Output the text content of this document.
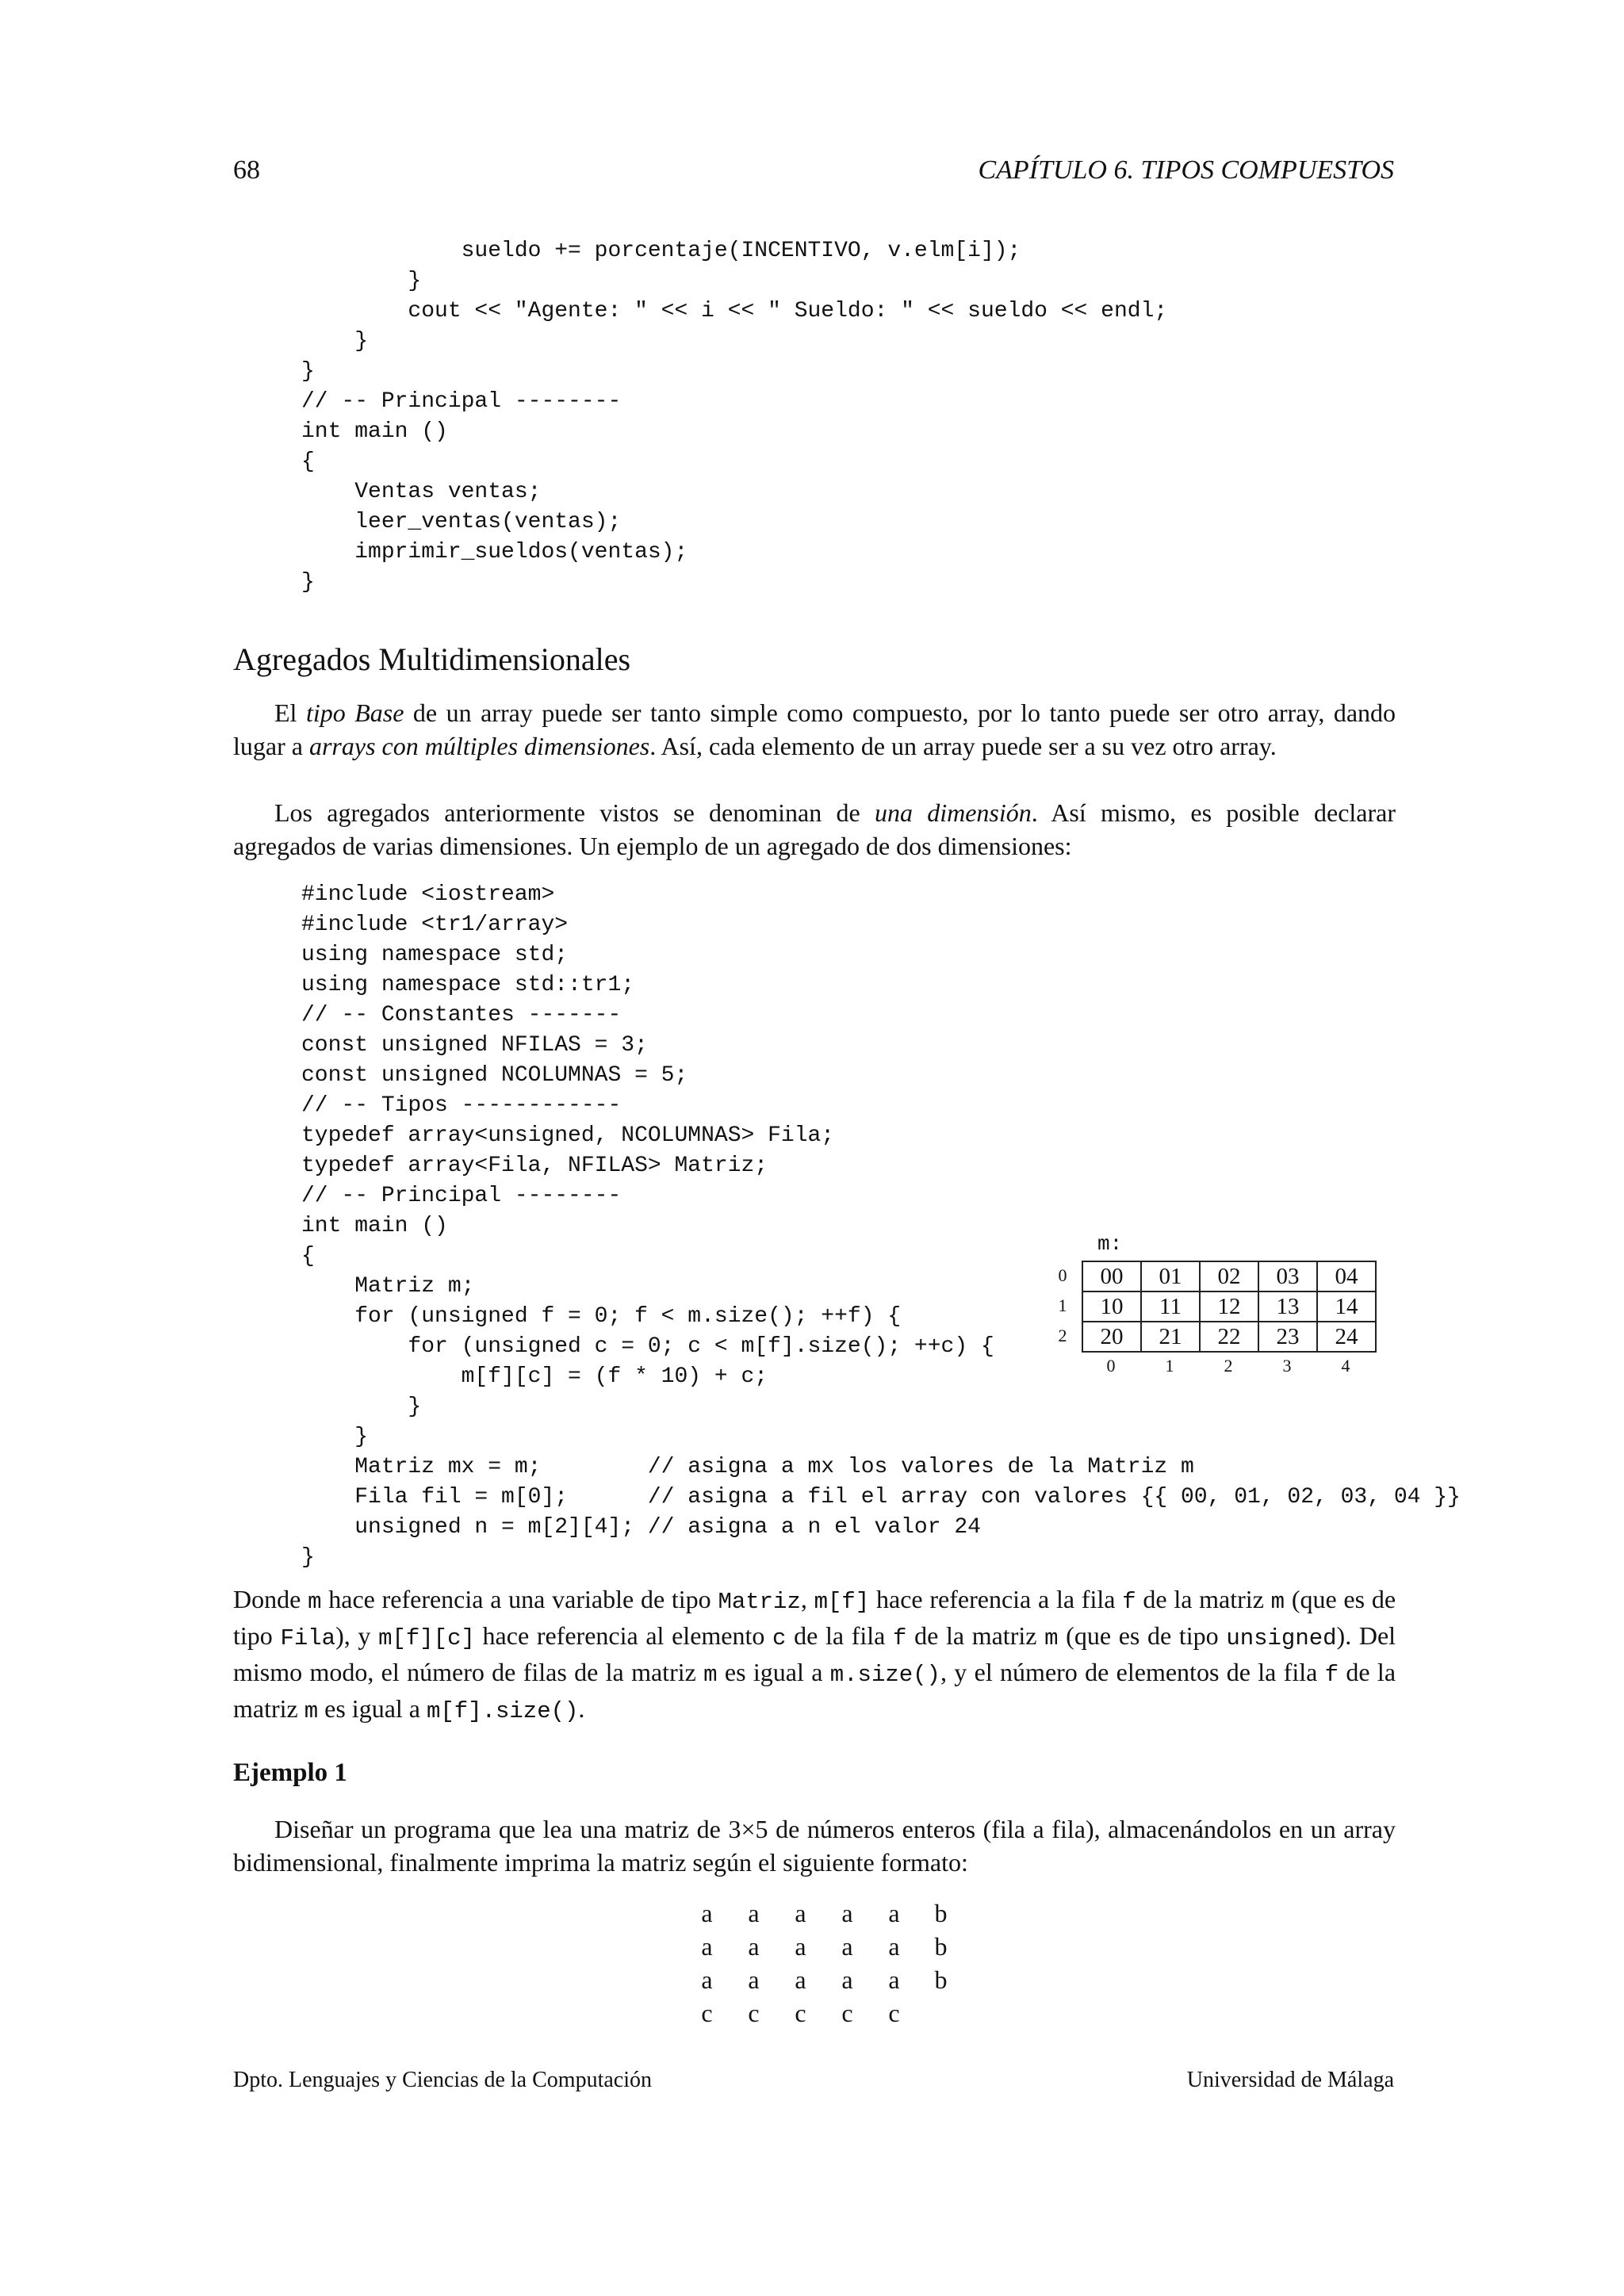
68	CAPÍTULO 6. TIPOS COMPUESTOS
sueldo += porcentaje(INCENTIVO, v.elm[i]);
}
cout << "Agente: " << i << " Sueldo: " << sueldo << endl;
}
}
// -- Principal --------
int main ()
{
Ventas ventas;
leer_ventas(ventas);
imprimir_sueldos(ventas);
}
Agregados Multidimensionales

El tipo Base de un array puede ser tanto simple como compuesto, por lo tanto puede ser otro array, dando lugar a arrays con múltiples dimensiones. Así, cada elemento de un array puede ser a su vez otro array.

Los agregados anteriormente vistos se denominan de una dimensión. Así mismo, es posible declarar agregados de varias dimensiones. Un ejemplo de un agregado de dos dimensiones:

#include <iostream>
#include <tr1/array>
using namespace std;
using namespace std::tr1;
// -- Constantes -------
const unsigned NFILAS = 3;
const unsigned NCOLUMNAS = 5;
// -- Tipos ------------
typedef array<unsigned, NCOLUMNAS> Fila;
typedef array<Fila, NFILAS> Matriz;
// -- Principal --------
int main ()
{
Matriz m;
for (unsigned f = 0; f < m.size(); ++f) {
for (unsigned c = 0; c < m[f].size(); ++c) {
m[f][c] = (f * 10) + c;
}
}
Matriz mx = m;        // asigna a mx los valores de la Matriz m
Fila fil = m[0];      // asigna a fil el array con valores {{ 00, 01, 02, 03, 04 }}
unsigned n = m[2][4]; // asigna a n el valor 24
}
m:
0
1
2
00	01	02	03	04
10	11	12	13	14
20	21	22	23	24
0	1	2	3	4

Donde m hace referencia a una variable de tipo Matriz, m[f] hace referencia a la fila f de la matriz m (que es de tipo Fila), y m[f][c] hace referencia al elemento c de la fila f de la matriz m (que es de tipo unsigned). Del mismo modo, el número de filas de la matriz m es igual a m.size(), y el número de elementos de la fila f de la matriz m es igual a m[f].size().

Ejemplo 1

Diseñar un programa que lea una matriz de 3×5 de números enteros (fila a fila), almacenándolos en un array bidimensional, finalmente imprima la matriz según el siguiente formato:

a	a	a	a	a	b
a	a	a	a	a	b
a	a	a	a	a	b
c	c	c	c	c	
Dpto. Lenguajes y Ciencias de la Computación	Universidad de Málaga
